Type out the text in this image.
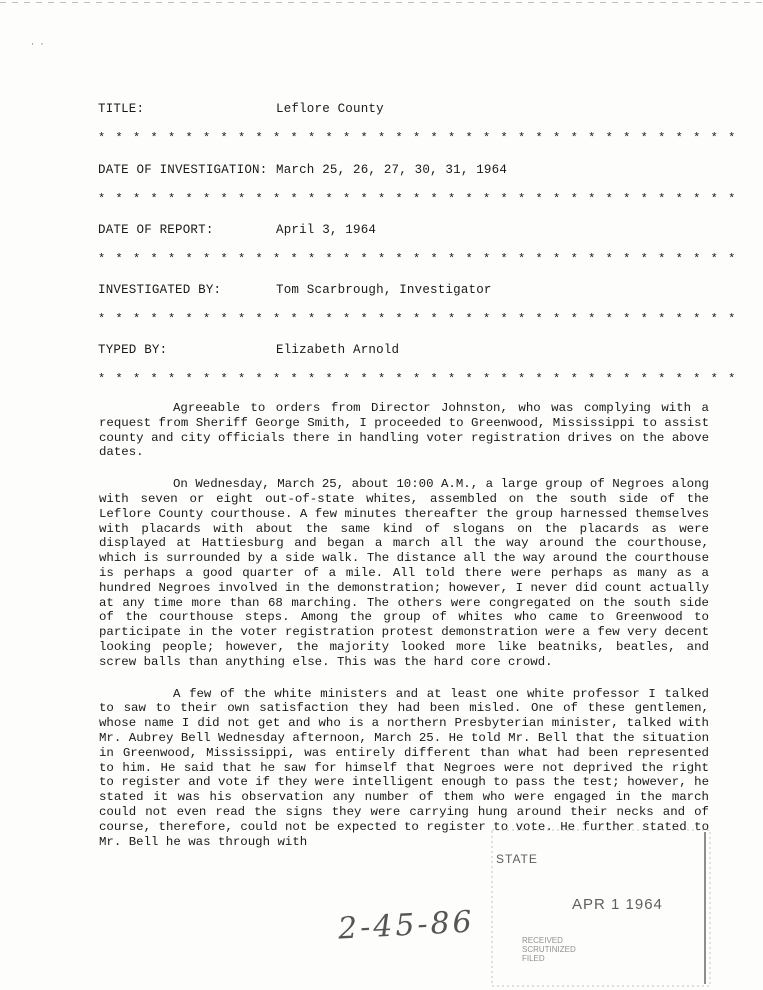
· ·
TITLE:	Leflore County
* * * * * * * * * * * * * * * * * * * * * * * * * * * * * * * * * * * * *
DATE OF INVESTIGATION: March 25, 26, 27, 30, 31, 1964
* * * * * * * * * * * * * * * * * * * * * * * * * * * * * * * * * * * * *
DATE OF REPORT:	April 3, 1964
* * * * * * * * * * * * * * * * * * * * * * * * * * * * * * * * * * * * *
INVESTIGATED BY:	Tom Scarbrough, Investigator
* * * * * * * * * * * * * * * * * * * * * * * * * * * * * * * * * * * * *
TYPED BY:	Elizabeth Arnold
* * * * * * * * * * * * * * * * * * * * * * * * * * * * * * * * * * * * *

Agreeable to orders from Director Johnston, who was complying with a request from Sheriff George Smith, I proceeded to Greenwood, Mississippi to assist county and city officials there in handling voter registration drives on the above dates.

On Wednesday, March 25, about 10:00 A.M., a large group of Negroes along with seven or eight out-of-state whites, assembled on the south side of the Leflore County courthouse. A few minutes thereafter the group harnessed themselves with placards with about the same kind of slogans on the placards as were displayed at Hattiesburg and began a march all the way around the courthouse, which is surrounded by a side walk. The distance all the way around the courthouse is perhaps a good quarter of a mile. All told there were perhaps as many as a hundred Negroes involved in the demonstration; however, I never did count actually at any time more than 68 marching. The others were congregated on the south side of the courthouse steps. Among the group of whites who came to Greenwood to participate in the voter registration protest demonstration were a few very decent looking people; however, the majority looked more like beatniks, beatles, and screw balls than anything else. This was the hard core crowd.

A few of the white ministers and at least one white professor I talked to saw to their own satisfaction they had been misled. One of these gentlemen, whose name I did not get and who is a northern Presbyterian minister, talked with Mr. Aubrey Bell Wednesday afternoon, March 25. He told Mr. Bell that the situation in Greenwood, Mississippi, was entirely different than what had been represented to him. He said that he saw for himself that Negroes were not deprived the right to register and vote if they were intelligent enough to pass the test; however, he stated it was his observation any number of them who were engaged in the march could not even read the signs they were carrying hung around their necks and of course, therefore, could not be expected to register to vote. He further stated to Mr. Bell he was through with

2-45-86
STATE
APR 1 1964
RECEIVED
SCRUTINIZED
FILED
